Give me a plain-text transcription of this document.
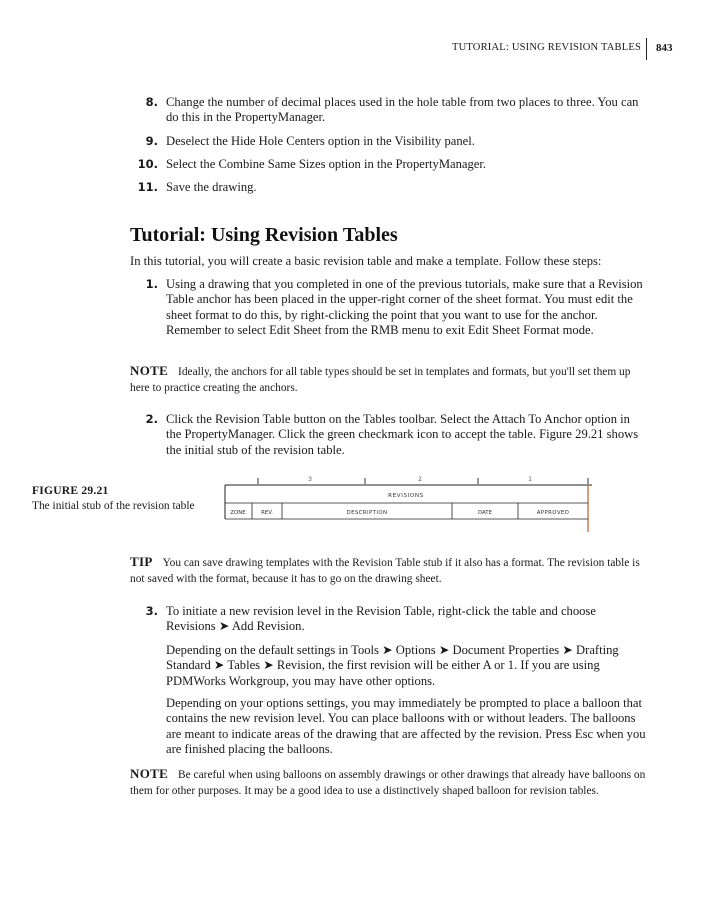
TUTORIAL: USING REVISION TABLES 843
8. Change the number of decimal places used in the hole table from two places to three. You can do this in the PropertyManager.
9. Deselect the Hide Hole Centers option in the Visibility panel.
10. Select the Combine Same Sizes option in the PropertyManager.
11. Save the drawing.
Tutorial: Using Revision Tables
In this tutorial, you will create a basic revision table and make a template. Follow these steps:
1. Using a drawing that you completed in one of the previous tutorials, make sure that a Revision Table anchor has been placed in the upper-right corner of the sheet format. You must edit the sheet format to do this, by right-clicking the point that you want to use for the anchor. Remember to select Edit Sheet from the RMB menu to exit Edit Sheet Format mode.
NOTE Ideally, the anchors for all table types should be set in templates and formats, but you'll set them up here to practice creating the anchors.
2. Click the Revision Table button on the Tables toolbar. Select the Attach To Anchor option in the PropertyManager. Click the green checkmark icon to accept the table. Figure 29.21 shows the initial stub of the revision table.
FIGURE 29.21
The initial stub of the revision table
3	2	1
REVISIONS
ZONE	REV.	DESCRIPTION	DATE	APPROVED
TIP You can save drawing templates with the Revision Table stub if it also has a format. The revision table is not saved with the format, because it has to go on the drawing sheet.
3. To initiate a new revision level in the Revision Table, right-click the table and choose Revisions ➤ Add Revision.
Depending on the default settings in Tools ➤ Options ➤ Document Properties ➤ Drafting Standard ➤ Tables ➤ Revision, the first revision will be either A or 1. If you are using PDMWorks Workgroup, you may have other options.
Depending on your options settings, you may immediately be prompted to place a balloon that contains the new revision level. You can place balloons with or without leaders. The balloons are meant to indicate areas of the drawing that are affected by the revision. Press Esc when you are finished placing the balloons.
NOTE Be careful when using balloons on assembly drawings or other drawings that already have balloons on them for other purposes. It may be a good idea to use a distinctively shaped balloon for revision tables.
